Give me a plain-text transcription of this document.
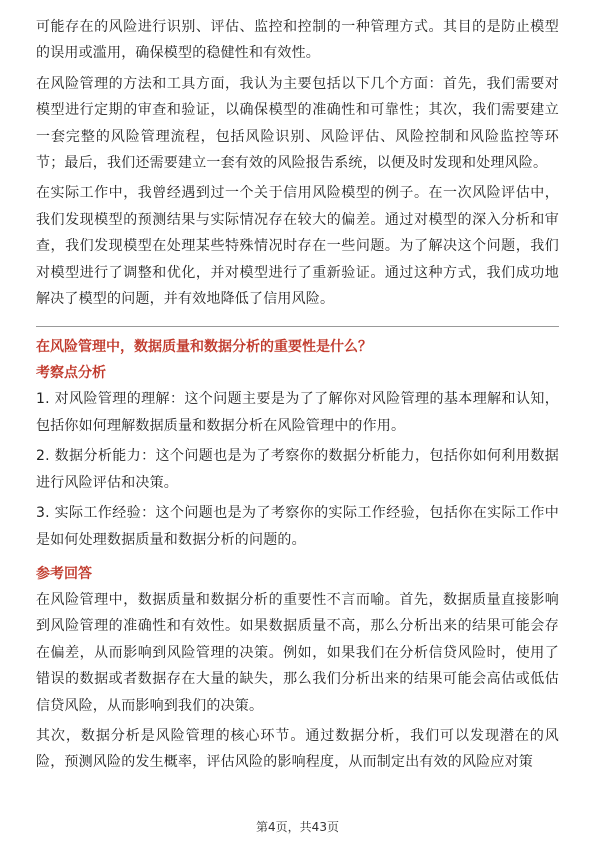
可能存在的风险进行识别、评估、监控和控制的一种管理方式。其目的是防止模型的误用或滥用，确保模型的稳健性和有效性。

在风险管理的方法和工具方面，我认为主要包括以下几个方面：首先，我们需要对模型进行定期的审查和验证，以确保模型的准确性和可靠性；其次，我们需要建立一套完整的风险管理流程，包括风险识别、风险评估、风险控制和风险监控等环节；最后，我们还需要建立一套有效的风险报告系统，以便及时发现和处理风险。

在实际工作中，我曾经遇到过一个关于信用风险模型的例子。在一次风险评估中，我们发现模型的预测结果与实际情况存在较大的偏差。通过对模型的深入分析和审查，我们发现模型在处理某些特殊情况时存在一些问题。为了解决这个问题，我们对模型进行了调整和优化，并对模型进行了重新验证。通过这种方式，我们成功地解决了模型的问题，并有效地降低了信用风险。

在风险管理中，数据质量和数据分析的重要性是什么？
考察点分析

1. 对风险管理的理解：这个问题主要是为了了解你对风险管理的基本理解和认知，包括你如何理解数据质量和数据分析在风险管理中的作用。

2. 数据分析能力：这个问题也是为了考察你的数据分析能力，包括你如何利用数据进行风险评估和决策。

3. 实际工作经验：这个问题也是为了考察你的实际工作经验，包括你在实际工作中是如何处理数据质量和数据分析的问题的。

参考回答

在风险管理中，数据质量和数据分析的重要性不言而喻。首先，数据质量直接影响到风险管理的准确性和有效性。如果数据质量不高，那么分析出来的结果可能会存在偏差，从而影响到风险管理的决策。例如，如果我们在分析信贷风险时，使用了错误的数据或者数据存在大量的缺失，那么我们分析出来的结果可能会高估或低估信贷风险，从而影响到我们的决策。

其次，数据分析是风险管理的核心环节。通过数据分析，我们可以发现潜在的风险，预测风险的发生概率，评估风险的影响程度，从而制定出有效的风险应对策

第4页，共43页
